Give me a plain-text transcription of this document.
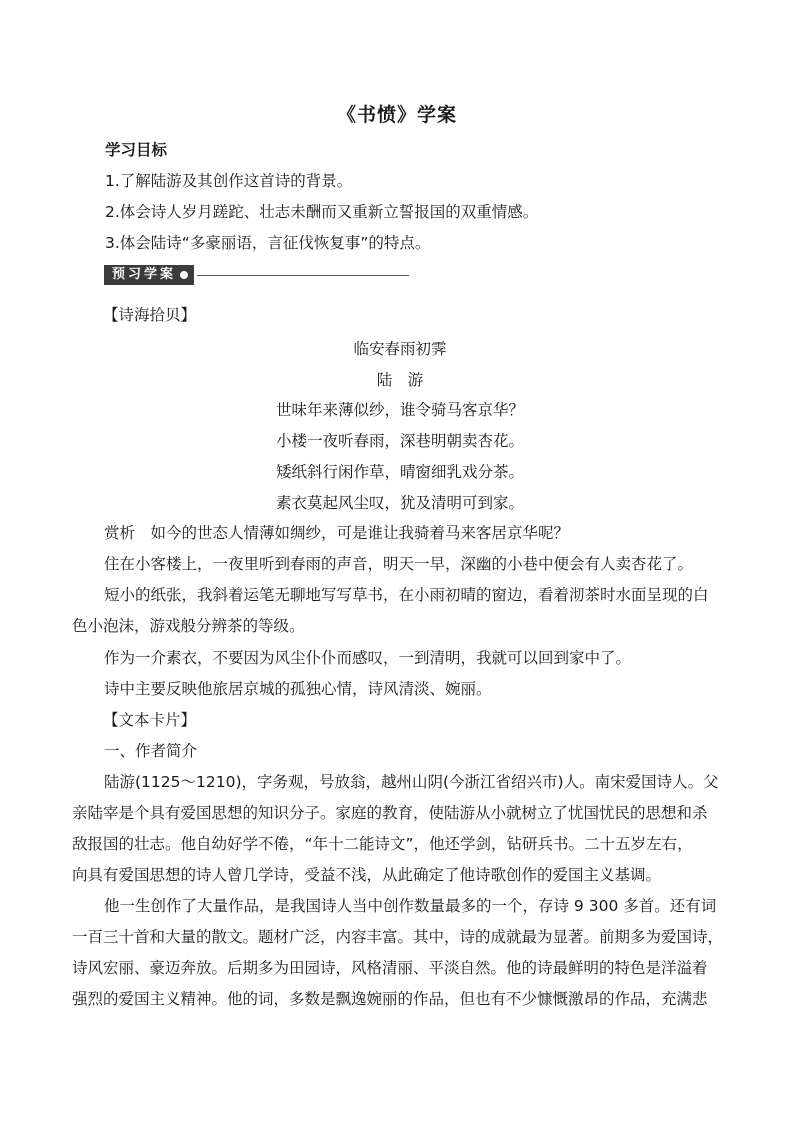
《书愤》学案
学习目标
1.了解陆游及其创作这首诗的背景。
2.体会诗人岁月蹉跎、壮志未酬而又重新立誓报国的双重情感。
3.体会陆诗“多豪丽语，言征伐恢复事”的特点。
预习学案
【诗海拾贝】
临安春雨初霁
陆　游
世味年来薄似纱，谁令骑马客京华？
小楼一夜听春雨，深巷明朝卖杏花。
矮纸斜行闲作草，晴窗细乳戏分茶。
素衣莫起风尘叹，犹及清明可到家。
赏析　如今的世态人情薄如绸纱，可是谁让我骑着马来客居京华呢？
住在小客楼上，一夜里听到春雨的声音，明天一早，深幽的小巷中便会有人卖杏花了。
短小的纸张，我斜着运笔无聊地写写草书，在小雨初晴的窗边，看着沏茶时水面呈现的白
色小泡沫，游戏般分辨茶的等级。
作为一介素衣，不要因为风尘仆仆而感叹，一到清明，我就可以回到家中了。
诗中主要反映他旅居京城的孤独心情，诗风清淡、婉丽。
【文本卡片】
一、作者简介
陆游(1125～1210)，字务观，号放翁，越州山阴(今浙江省绍兴市)人。南宋爱国诗人。父
亲陆宰是个具有爱国思想的知识分子。家庭的教育，使陆游从小就树立了忧国忧民的思想和杀
敌报国的壮志。他自幼好学不倦，“年十二能诗文”，他还学剑，钻研兵书。二十五岁左右，
向具有爱国思想的诗人曾几学诗，受益不浅，从此确定了他诗歌创作的爱国主义基调。
他一生创作了大量作品，是我国诗人当中创作数量最多的一个，存诗 9 300 多首。还有词
一百三十首和大量的散文。题材广泛，内容丰富。其中，诗的成就最为显著。前期多为爱国诗，
诗风宏丽、豪迈奔放。后期多为田园诗，风格清丽、平淡自然。他的诗最鲜明的特色是洋溢着
强烈的爱国主义精神。他的词，多数是飘逸婉丽的作品，但也有不少慷慨激昂的作品，充满悲
